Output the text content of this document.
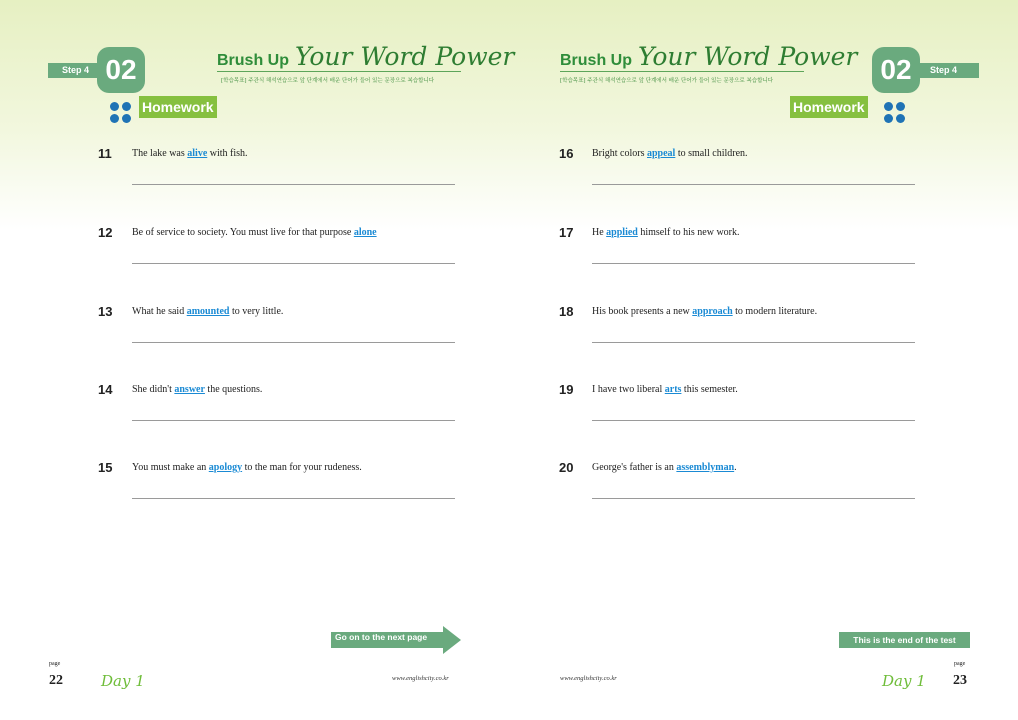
Step 4 02	Brush Up Your Word Power
[학습목표] 주관식 해석연습으로 앞 단계에서 배운 단어가 들어 있는 문장으로 복습합니다
Homework
11 The lake was alive with fish.
12 Be of service to society. You must live for that purpose alone
13 What he said amounted to very little.
14 She didn't answer the questions.
15 You must make an apology to the man for your rudeness.
Go on to the next page
page
22	Day 1	www.englishcity.co.kr
Step 4
02
Brush Up Your Word Power
[학습목표] 주관식 해석연습으로 앞 단계에서 배운 단어가 들어 있는 문장으로 복습합니다
Homework
16 Bright colors appeal to small children.
17 He applied himself to his new work.
18 His book presents a new approach to modern literature.
19 I have two liberal arts this semester.
20 George's father is an assemblyman.
This is the end of the test
www.englishcity.co.kr	Day 1
page
23
